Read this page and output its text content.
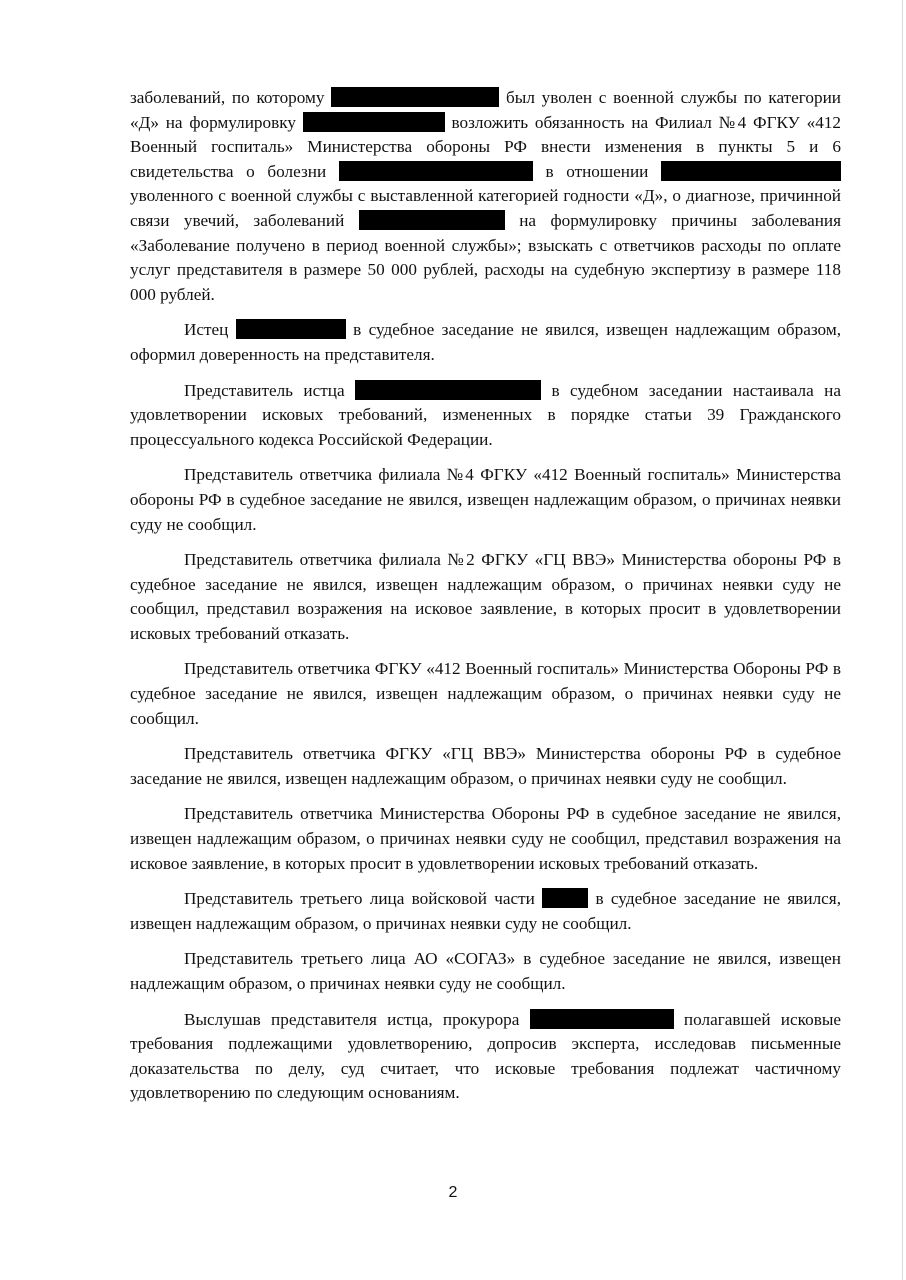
заболеваний, по которому	был уволен с военной службы по категории «Д» на формулировку	возложить обязанность на Филиал №4 ФГКУ «412 Военный госпиталь» Министерства обороны РФ внести изменения в пункты 5 и 6 свидетельства о болезни	в отношении  уволенного с военной службы с выставленной категорией годности «Д», о диагнозе, причинной связи увечий, заболеваний	на формулировку причины заболевания «Заболевание получено в период военной службы»; взыскать с ответчиков расходы по оплате услуг представителя в размере 50 000 рублей, расходы на судебную экспертизу в размере 118 000 рублей.

Истец	в судебное заседание не явился, извещен надлежащим образом, оформил доверенность на представителя.

Представитель истца	в судебном заседании настаивала на удовлетворении исковых требований, измененных в порядке статьи 39 Гражданского процессуального кодекса Российской Федерации.

Представитель ответчика филиала №4 ФГКУ «412 Военный госпиталь» Министерства обороны РФ в судебное заседание не явился, извещен надлежащим образом, о причинах неявки суду не сообщил.

Представитель ответчика филиала №2 ФГКУ «ГЦ ВВЭ» Министерства обороны РФ в судебное заседание не явился, извещен надлежащим образом, о причинах неявки суду не сообщил, представил возражения на исковое заявление, в которых просит в удовлетворении исковых требований отказать.

Представитель ответчика ФГКУ «412 Военный госпиталь» Министерства Обороны РФ в судебное заседание не явился, извещен надлежащим образом, о причинах неявки суду не сообщил.

Представитель ответчика ФГКУ «ГЦ ВВЭ» Министерства обороны РФ в судебное заседание не явился, извещен надлежащим образом, о причинах неявки суду не сообщил.

Представитель ответчика Министерства Обороны РФ в судебное заседание не явился, извещен надлежащим образом, о причинах неявки суду не сообщил, представил возражения на исковое заявление, в которых просит в удовлетворении исковых требований отказать.

Представитель третьего лица войсковой части	в судебное заседание не явился, извещен надлежащим образом, о причинах неявки суду не сообщил.

Представитель третьего лица АО «СОГАЗ» в судебное заседание не явился, извещен надлежащим образом, о причинах неявки суду не сообщил.

Выслушав представителя истца, прокурора	полагавшей исковые требования подлежащими удовлетворению, допросив эксперта, исследовав письменные доказательства по делу, суд считает, что исковые требования подлежат частичному удовлетворению по следующим основаниям.

2
